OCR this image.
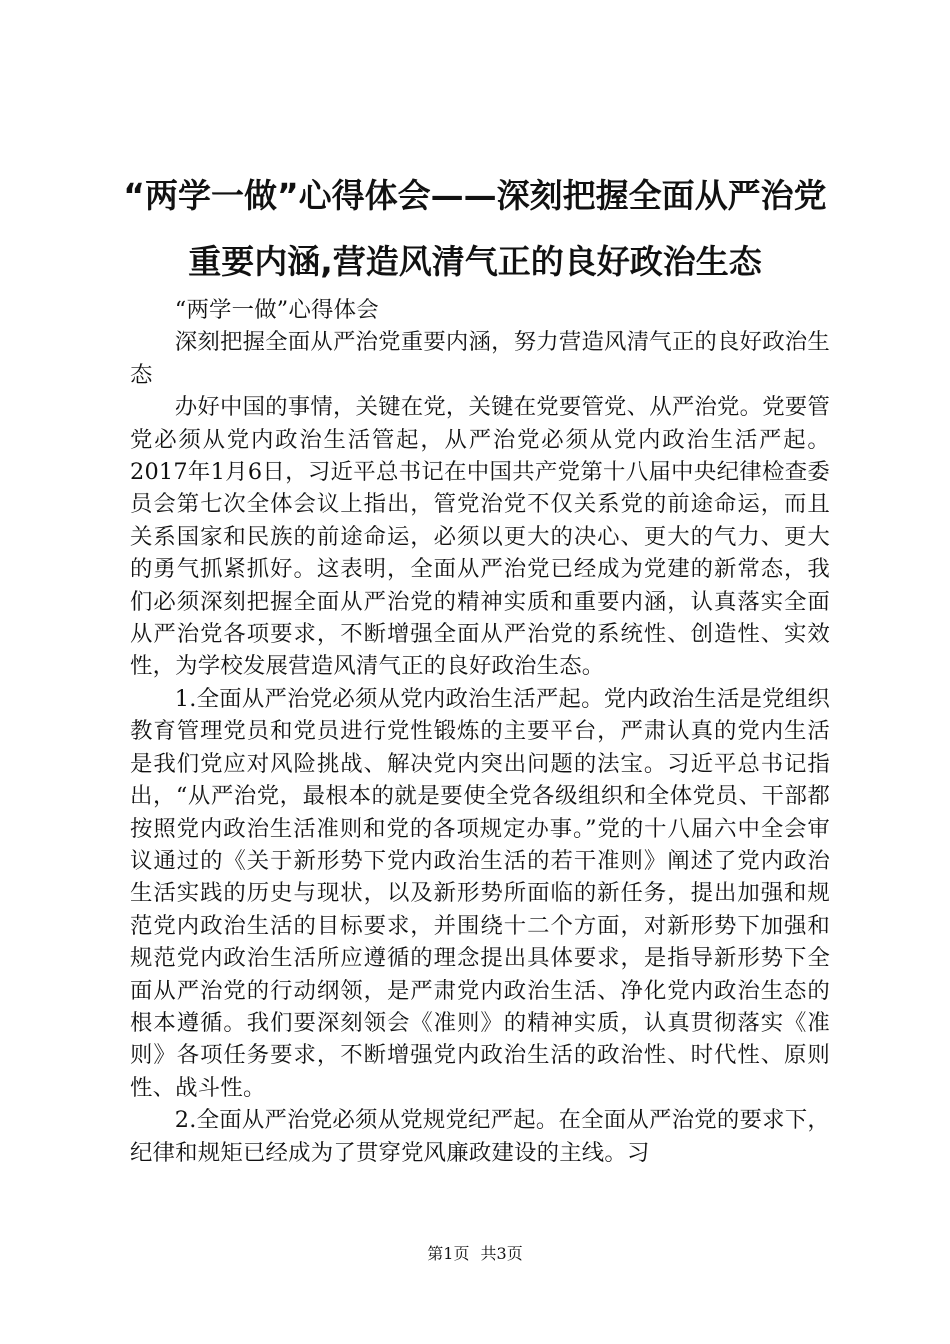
“两学一做”心得体会——深刻把握全面从严治党重要内涵,营造风清气正的良好政治生态

“两学一做”心得体会

深刻把握全面从严治党重要内涵，努力营造风清气正的良好政治生态

办好中国的事情，关键在党，关键在党要管党、从严治党。党要管党必须从党内政治生活管起，从严治党必须从党内政治生活严起。2017年1月6日，习近平总书记在中国共产党第十八届中央纪律检查委员会第七次全体会议上指出，管党治党不仅关系党的前途命运，而且关系国家和民族的前途命运，必须以更大的决心、更大的气力、更大的勇气抓紧抓好。这表明，全面从严治党已经成为党建的新常态，我们必须深刻把握全面从严治党的精神实质和重要内涵，认真落实全面从严治党各项要求，不断增强全面从严治党的系统性、创造性、实效性，为学校发展营造风清气正的良好政治生态。

1.全面从严治党必须从党内政治生活严起。党内政治生活是党组织教育管理党员和党员进行党性锻炼的主要平台，严肃认真的党内生活是我们党应对风险挑战、解决党内突出问题的法宝。习近平总书记指出，“从严治党，最根本的就是要使全党各级组织和全体党员、干部都按照党内政治生活准则和党的各项规定办事。”党的十八届六中全会审议通过的《关于新形势下党内政治生活的若干准则》阐述了党内政治生活实践的历史与现状，以及新形势所面临的新任务，提出加强和规范党内政治生活的目标要求，并围绕十二个方面，对新形势下加强和规范党内政治生活所应遵循的理念提出具体要求，是指导新形势下全面从严治党的行动纲领，是严肃党内政治生活、净化党内政治生态的根本遵循。我们要深刻领会《准则》的精神实质，认真贯彻落实《准则》各项任务要求，不断增强党内政治生活的政治性、时代性、原则性、战斗性。

2.全面从严治党必须从党规党纪严起。在全面从严治党的要求下，纪律和规矩已经成为了贯穿党风廉政建设的主线。习

第1页 共3页
